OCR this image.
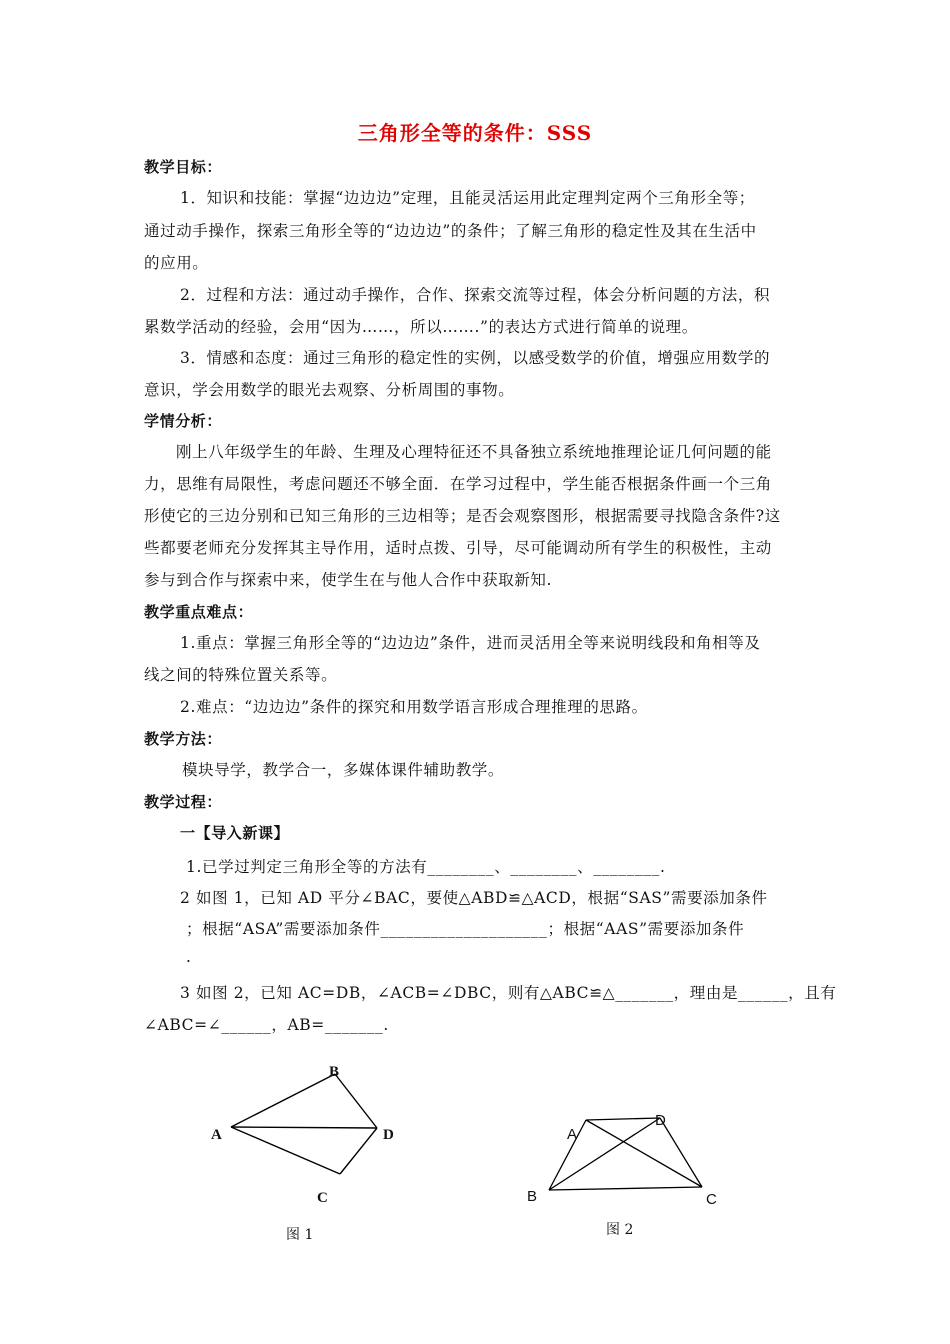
三角形全等的条件：SSS
教学目标：
1．知识和技能：掌握“边边边”定理，且能灵活运用此定理判定两个三角形全等；
通过动手操作，探索三角形全等的“边边边”的条件；了解三角形的稳定性及其在生活中
的应用。
2．过程和方法：通过动手操作，合作、探索交流等过程，体会分析问题的方法，积
累数学活动的经验，会用“因为……，所以…….”的表达方式进行简单的说理。
3．情感和态度：通过三角形的稳定性的实例，以感受数学的价值，增强应用数学的
意识，学会用数学的眼光去观察、分析周围的事物。
学情分析：
刚上八年级学生的年龄、生理及心理特征还不具备独立系统地推理论证几何问题的能
力，思维有局限性，考虑问题还不够全面．在学习过程中，学生能否根据条件画一个三角
形使它的三边分别和已知三角形的三边相等；是否会观察图形，根据需要寻找隐含条件?这
些都要老师充分发挥其主导作用，适时点拨、引导，尽可能调动所有学生的积极性，主动
参与到合作与探索中来，使学生在与他人合作中获取新知.
教学重点难点：
1.重点：掌握三角形全等的“边边边”条件，进而灵活用全等来说明线段和角相等及
线之间的特殊位置关系等。
2.难点：“边边边”条件的探究和用数学语言形成合理推理的思路。
教学方法：
模块导学，教学合一，多媒体课件辅助教学。
教学过程：
一【导入新课】
1.已学过判定三角形全等的方法有________、________、________.
2 如图 1，已知 AD 平分∠BAC，要使△ABD≌△ACD，根据“SAS”需要添加条件
；根据“ASA”需要添加条件____________________；根据“AAS”需要添加条件
.
3 如图 2，已知 AC=DB，∠ACB=∠DBC，则有△ABC≌△_______，理由是______，且有
∠ABC=∠______，AB=_______.
B
A	D
C
图 1
A
D
B	C
图 2
